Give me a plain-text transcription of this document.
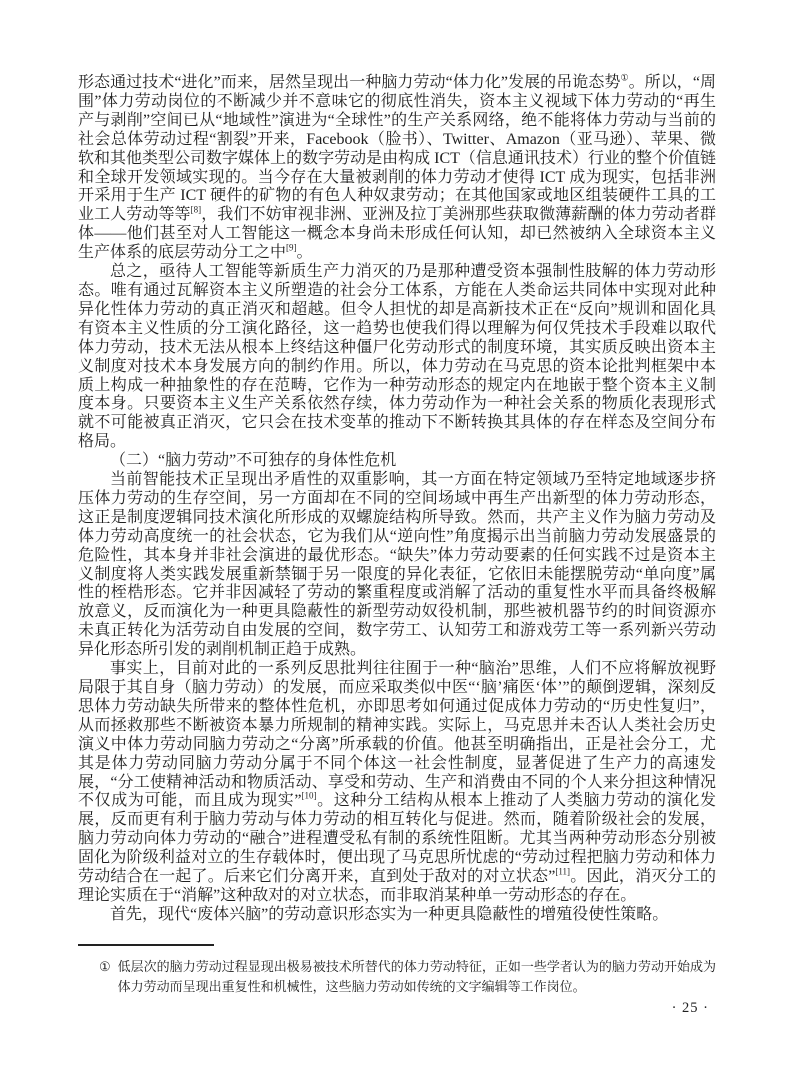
形态通过技术“进化”而来，居然呈现出一种脑力劳动“体力化”发展的吊诡态势①。所以，“周围”体力劳动岗位的不断减少并不意味它的彻底性消失，资本主义视域下体力劳动的“再生产与剥削”空间已从“地域性”演进为“全球性”的生产关系网络，绝不能将体力劳动与当前的社会总体劳动过程“割裂”开来，Facebook（脸书）、Twitter、Amazon（亚马逊）、苹果、微软和其他类型公司数字媒体上的数字劳动是由构成 ICT（信息通讯技术）行业的整个价值链和全球开发领域实现的。当今存在大量被剥削的体力劳动才使得 ICT 成为现实，包括非洲开采用于生产 ICT 硬件的矿物的有色人种奴隶劳动；在其他国家或地区组装硬件工具的工业工人劳动等等[8]，我们不妨审视非洲、亚洲及拉丁美洲那些获取微薄薪酬的体力劳动者群体——他们甚至对人工智能这一概念本身尚未形成任何认知，却已然被纳入全球资本主义生产体系的底层劳动分工之中[9]。

总之，亟待人工智能等新质生产力消灭的乃是那种遭受资本强制性肢解的体力劳动形态。唯有通过瓦解资本主义所塑造的社会分工体系，方能在人类命运共同体中实现对此种异化性体力劳动的真正消灭和超越。但令人担忧的却是高新技术正在“反向”规训和固化具有资本主义性质的分工演化路径，这一趋势也使我们得以理解为何仅凭技术手段难以取代体力劳动，技术无法从根本上终结这种僵尸化劳动形式的制度环境，其实质反映出资本主义制度对技术本身发展方向的制约作用。所以，体力劳动在马克思的资本论批判框架中本质上构成一种抽象性的存在范畴，它作为一种劳动形态的规定内在地嵌于整个资本主义制度本身。只要资本主义生产关系依然存续，体力劳动作为一种社会关系的物质化表现形式就不可能被真正消灭，它只会在技术变革的推动下不断转换其具体的存在样态及空间分布格局。

（二）“脑力劳动”不可独存的身体性危机

当前智能技术正呈现出矛盾性的双重影响，其一方面在特定领域乃至特定地域逐步挤压体力劳动的生存空间，另一方面却在不同的空间场域中再生产出新型的体力劳动形态，这正是制度逻辑同技术演化所形成的双螺旋结构所导致。然而，共产主义作为脑力劳动及体力劳动高度统一的社会状态，它为我们从“逆向性”角度揭示出当前脑力劳动发展盛景的危险性，其本身并非社会演进的最优形态。“缺失”体力劳动要素的任何实践不过是资本主义制度将人类实践发展重新禁锢于另一限度的异化表征，它依旧未能摆脱劳动“单向度”属性的桎梏形态。它并非因减轻了劳动的繁重程度或消解了活动的重复性水平而具备终极解放意义，反而演化为一种更具隐蔽性的新型劳动奴役机制，那些被机器节约的时间资源亦未真正转化为活劳动自由发展的空间，数字劳工、认知劳工和游戏劳工等一系列新兴劳动异化形态所引发的剥削机制正趋于成熟。

事实上，目前对此的一系列反思批判往往囿于一种“脑治”思维，人们不应将解放视野局限于其自身（脑力劳动）的发展，而应采取类似中医“‘脑’痛医‘体’”的颠倒逻辑，深刻反思体力劳动缺失所带来的整体性危机，亦即思考如何通过促成体力劳动的“历史性复归”，从而拯救那些不断被资本暴力所规制的精神实践。实际上，马克思并未否认人类社会历史演义中体力劳动同脑力劳动之“分离”所承载的价值。他甚至明确指出，正是社会分工，尤其是体力劳动同脑力劳动分属于不同个体这一社会性制度，显著促进了生产力的高速发展，“分工使精神活动和物质活动、享受和劳动、生产和消费由不同的个人来分担这种情况不仅成为可能，而且成为现实”[10]。这种分工结构从根本上推动了人类脑力劳动的演化发展，反而更有利于脑力劳动与体力劳动的相互转化与促进。然而，随着阶级社会的发展，脑力劳动向体力劳动的“融合”进程遭受私有制的系统性阻断。尤其当两种劳动形态分别被固化为阶级利益对立的生存载体时，便出现了马克思所忧虑的“劳动过程把脑力劳动和体力劳动结合在一起了。后来它们分离开来，直到处于敌对的对立状态”[11]。因此，消灭分工的理论实质在于“消解”这种敌对的对立状态，而非取消某种单一劳动形态的存在。

首先，现代“废体兴脑”的劳动意识形态实为一种更具隐蔽性的增殖役使性策略。

① 低层次的脑力劳动过程显现出极易被技术所替代的体力劳动特征，正如一些学者认为的脑力劳动开始成为体力劳动而呈现出重复性和机械性，这些脑力劳动如传统的文字编辑等工作岗位。
· 25 ·
